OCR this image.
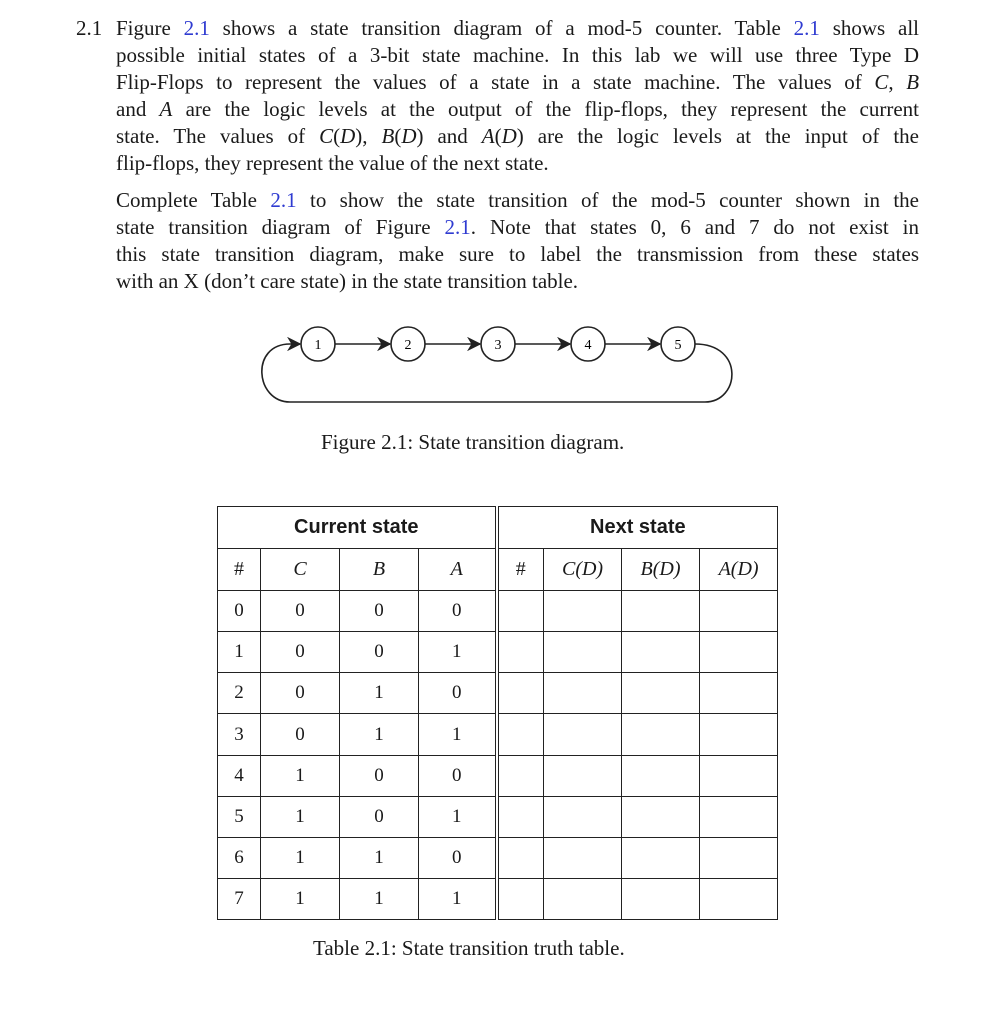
2.1 Figure 2.1 shows a state transition diagram of a mod-5 counter. Table 2.1 shows all
possible initial states of a 3-bit state machine. In this lab we will use three Type D
Flip-Flops to represent the values of a state in a state machine. The values of C, B
and A are the logic levels at the output of the flip-flops, they represent the current
state. The values of C(D), B(D) and A(D) are the logic levels at the input of the
flip-flops, they represent the value of the next state.
Complete Table 2.1 to show the state transition of the mod-5 counter shown in the
state transition diagram of Figure 2.1. Note that states 0, 6 and 7 do not exist in
this state transition diagram, make sure to label the transmission from these states
with an X (don’t care state) in the state transition table.
1	2	3	4	5
Figure 2.1: State transition diagram.
Current state				Next state			
#	C	B	A	#	C(D)	B(D)	A(D)
0	0	0	0				
1	0	0	1				
2	0	1	0				
3	0	1	1				
4	1	0	0				
5	1	0	1				
6	1	1	0				
7	1	1	1				
Table 2.1: State transition truth table.
